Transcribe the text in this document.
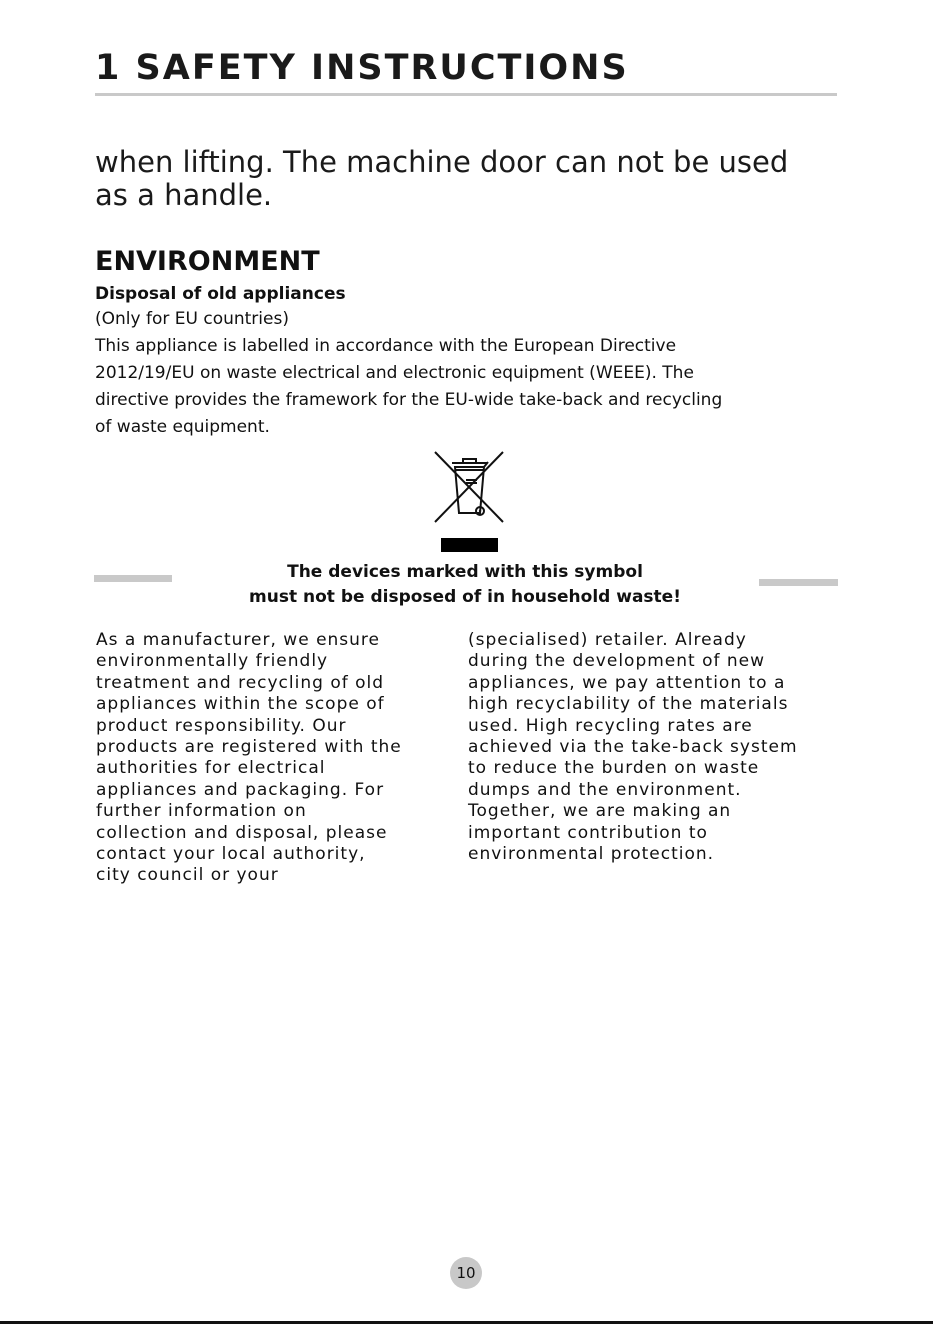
1 SAFETY INSTRUCTIONS

when lifting. The machine door can not be used
as a handle.

ENVIRONMENT
Disposal of old appliances

(Only for EU countries)

This appliance is labelled in accordance with the European Directive
2012/19/EU on waste electrical and electronic equipment (WEEE). The
directive provides the framework for the EU-wide take-back and recycling
of waste equipment.

The devices marked with this symbol
must not be disposed of in household waste!

As a manufacturer, we ensure
environmentally friendly
treatment and recycling of old
appliances within the scope of
product responsibility. Our
products are registered with the
authorities for electrical
appliances and packaging. For
further information on
collection and disposal, please
contact your local authority,
city council or your

(specialised) retailer. Already
during the development of new
appliances, we pay attention to a
high recyclability of the materials
used. High recycling rates are
achieved via the take-back system
to reduce the burden on waste
dumps and the environment.
Together, we are making an
important contribution to
environmental protection.

10
